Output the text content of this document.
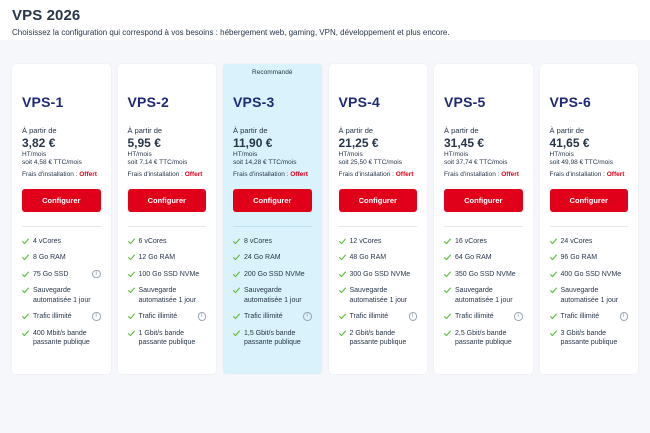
VPS 2026

Choisissez la configuration qui correspond à vos besoins : hébergement web, gaming, VPN, développement et plus encore.

VPS-1
À partir de
3,82 €
HT/mois
soit 4,58 € TTC/mois
Frais d'installation : Offert
Configurer
4 vCores
8 Go RAM
75 Go SSD	i
Sauvegarde automatisée 1 jour
Trafic illimité	i
400 Mbit/s bande passante publique
VPS-2
À partir de
5,95 €
HT/mois
soit 7,14 € TTC/mois
Frais d'installation : Offert
Configurer
6 vCores
12 Go RAM
100 Go SSD NVMe
Sauvegarde automatisée 1 jour
Trafic illimité	i
1 Gbit/s bande passante publique
Recommandé
VPS-3
À partir de
11,90 €
HT/mois
soit 14,28 € TTC/mois
Frais d'installation : Offert
Configurer
8 vCores
24 Go RAM
200 Go SSD NVMe
Sauvegarde automatisée 1 jour
Trafic illimité	i
1,5 Gbit/s bande passante publique
VPS-4
À partir de
21,25 €
HT/mois
soit 25,50 € TTC/mois
Frais d'installation : Offert
Configurer
12 vCores
48 Go RAM
300 Go SSD NVMe
Sauvegarde automatisée 1 jour
Trafic illimité	i
2 Gbit/s bande passante publique
VPS-5
À partir de
31,45 €
HT/mois
soit 37,74 € TTC/mois
Frais d'installation : Offert
Configurer
16 vCores
64 Go RAM
350 Go SSD NVMe
Sauvegarde automatisée 1 jour
Trafic illimité	i
2,5 Gbit/s bande passante publique
VPS-6
À partir de
41,65 €
HT/mois
soit 49,98 € TTC/mois
Frais d'installation : Offert
Configurer
24 vCores
96 Go RAM
400 Go SSD NVMe
Sauvegarde automatisée 1 jour
Trafic illimité	i
3 Gbit/s bande passante publique
